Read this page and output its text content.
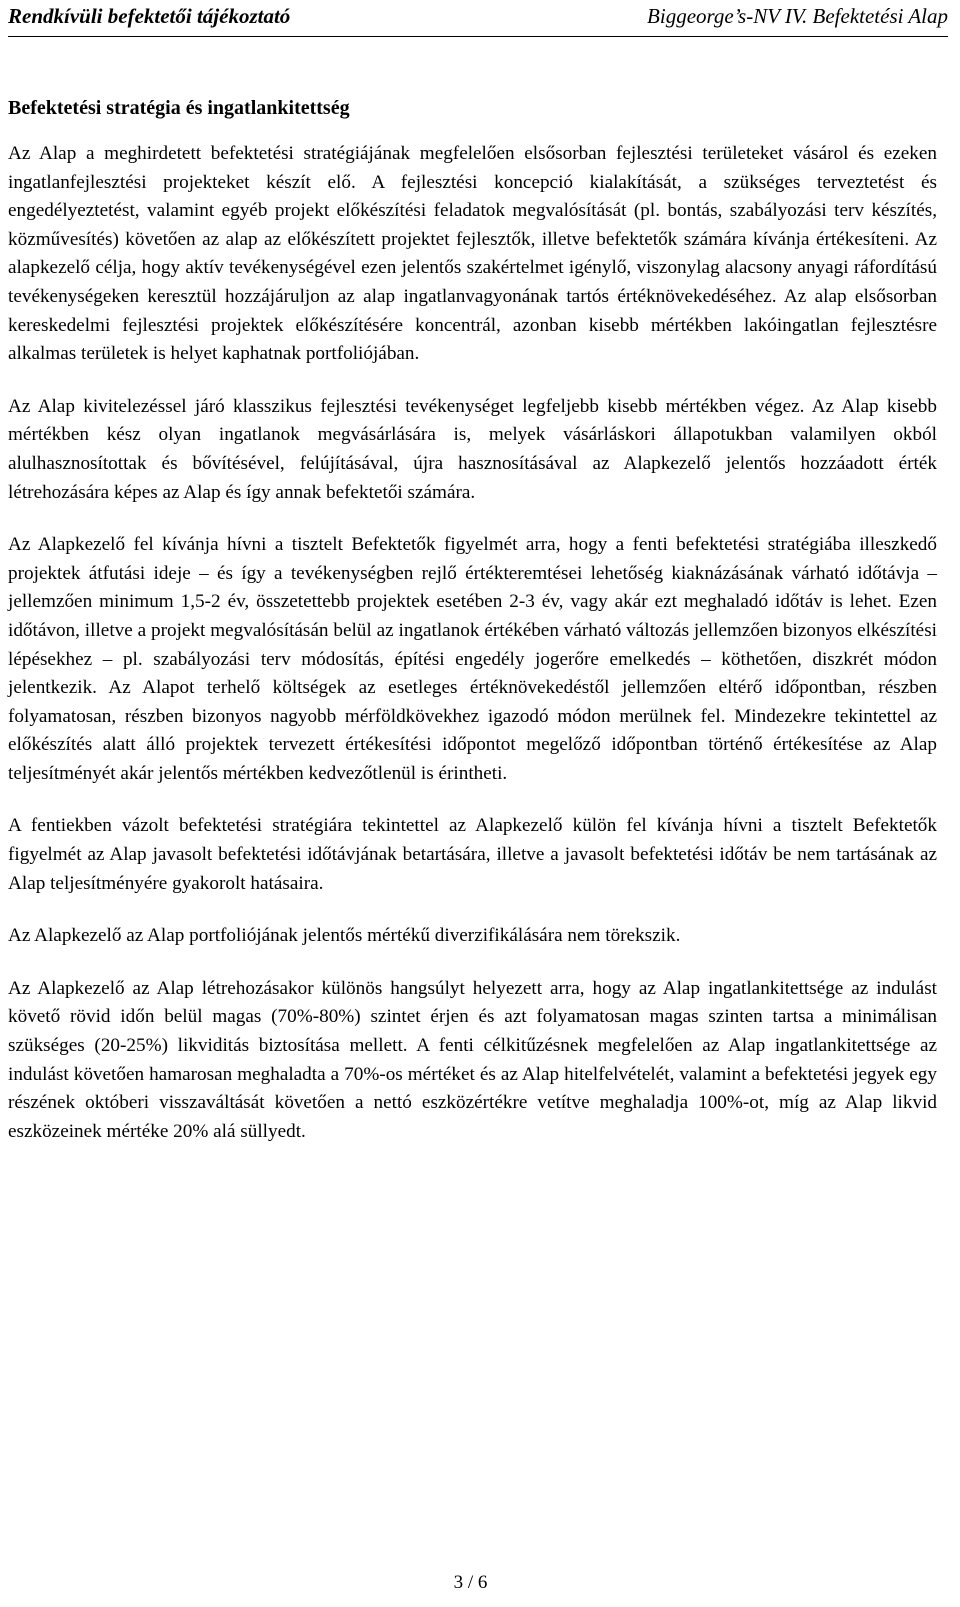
Rendkívüli befektetői tájékoztató	Biggeorge’s-NV IV. Befektetési Alap
Befektetési stratégia és ingatlankitettség

Az Alap a meghirdetett befektetési stratégiájának megfelelően elsősorban fejlesztési területeket vásárol és ezeken ingatlanfejlesztési projekteket készít elő. A fejlesztési koncepció kialakítását, a szükséges terveztetést és engedélyeztetést, valamint egyéb projekt előkészítési feladatok megvalósítását (pl. bontás, szabályozási terv készítés, közművesítés) követően az alap az előkészített projektet fejlesztők, illetve befektetők számára kívánja értékesíteni. Az alapkezelő célja, hogy aktív tevékenységével ezen jelentős szakértelmet igénylő, viszonylag alacsony anyagi ráfordítású tevékenységeken keresztül hozzájáruljon az alap ingatlanvagyonának tartós értéknövekedéséhez. Az alap elsősorban kereskedelmi fejlesztési projektek előkészítésére koncentrál, azonban kisebb mértékben lakóingatlan fejlesztésre alkalmas területek is helyet kaphatnak portfoliójában.

Az Alap kivitelezéssel járó klasszikus fejlesztési tevékenységet legfeljebb kisebb mértékben végez. Az Alap kisebb mértékben kész olyan ingatlanok megvásárlására is, melyek vásárláskori állapotukban valamilyen okból alulhasznosítottak és bővítésével, felújításával, újra hasznosításával az Alapkezelő jelentős hozzáadott érték létrehozására képes az Alap és így annak befektetői számára.

Az Alapkezelő fel kívánja hívni a tisztelt Befektetők figyelmét arra, hogy a fenti befektetési stratégiába illeszkedő projektek átfutási ideje – és így a tevékenységben rejlő értékteremtései lehetőség kiaknázásának várható időtávja – jellemzően minimum 1,5-2 év, összetettebb projektek esetében 2-3 év, vagy akár ezt meghaladó időtáv is lehet. Ezen időtávon, illetve a projekt megvalósításán belül az ingatlanok értékében várható változás jellemzően bizonyos elkészítési lépésekhez – pl. szabályozási terv módosítás, építési engedély jogerőre emelkedés – köthetően, diszkrét módon jelentkezik. Az Alapot terhelő költségek az esetleges értéknövekedéstől jellemzően eltérő időpontban, részben folyamatosan, részben bizonyos nagyobb mérföldkövekhez igazodó módon merülnek fel. Mindezekre tekintettel az előkészítés alatt álló projektek tervezett értékesítési időpontot megelőző időpontban történő értékesítése az Alap teljesítményét akár jelentős mértékben kedvezőtlenül is érintheti.

A fentiekben vázolt befektetési stratégiára tekintettel az Alapkezelő külön fel kívánja hívni a tisztelt Befektetők figyelmét az Alap javasolt befektetési időtávjának betartására, illetve a javasolt befektetési időtáv be nem tartásának az Alap teljesítményére gyakorolt hatásaira.

Az Alapkezelő az Alap portfoliójának jelentős mértékű diverzifikálására nem törekszik.

Az Alapkezelő az Alap létrehozásakor különös hangsúlyt helyezett arra, hogy az Alap ingatlankitettsége az indulást követő rövid időn belül magas (70%-80%) szintet érjen és azt folyamatosan magas szinten tartsa a minimálisan szükséges (20-25%) likviditás biztosítása mellett. A fenti célkitűzésnek megfelelően az Alap ingatlankitettsége az indulást követően hamarosan meghaladta a 70%-os mértéket és az Alap hitelfelvételét, valamint a befektetési jegyek egy részének októberi visszaváltását követően a nettó eszközértékre vetítve meghaladja 100%-ot, míg az Alap likvid eszközeinek mértéke 20% alá süllyedt.

3 / 6
